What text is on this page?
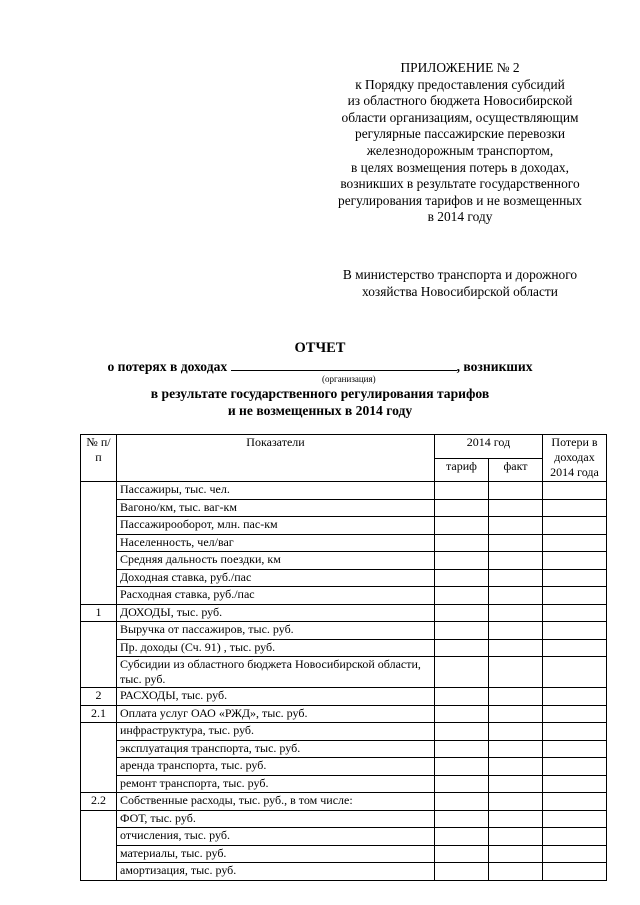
ПРИЛОЖЕНИЕ № 2
к Порядку предоставления субсидий
из областного бюджета Новосибирской
области организациям, осуществляющим
регулярные пассажирские перевозки
железнодорожным транспортом,
в целях возмещения потерь в доходах,
возникших в результате государственного
регулирования тарифов и не возмещенных
в 2014 году
В министерство транспорта и дорожного
хозяйства Новосибирской области
ОТЧЕТ
о потерях в доходах	, возникших
(организация)
в результате государственного регулирования тарифов
и не возмещенных в 2014 году
№ п/п	Показатели	2014 год		Потери в доходах 2014 года
		тариф	факт	
	Пассажиры, тыс. чел.			
	Вагоно/км, тыс. ваг-км			
	Пассажирооборот, млн. пас-км			
	Населенность, чел/ваг			
	Средняя дальность поездки, км			
	Доходная ставка, руб./пас			
	Расходная ставка, руб./пас			
1	ДОХОДЫ, тыс. руб.			
	Выручка от пассажиров, тыс. руб.			
	Пр. доходы (Сч. 91) , тыс. руб.			
	Субсидии из областного бюджета Новосибирской области, тыс. руб.			
2	РАСХОДЫ, тыс. руб.			
2.1	Оплата услуг ОАО «РЖД», тыс. руб.			
	инфраструктура, тыс. руб.			
	эксплуатация транспорта, тыс. руб.			
	аренда транспорта, тыс. руб.			
	ремонт транспорта, тыс. руб.			
2.2	Собственные расходы, тыс. руб., в том числе:			
	ФОТ, тыс. руб.			
	отчисления, тыс. руб.			
	материалы, тыс. руб.			
	амортизация, тыс. руб.			
